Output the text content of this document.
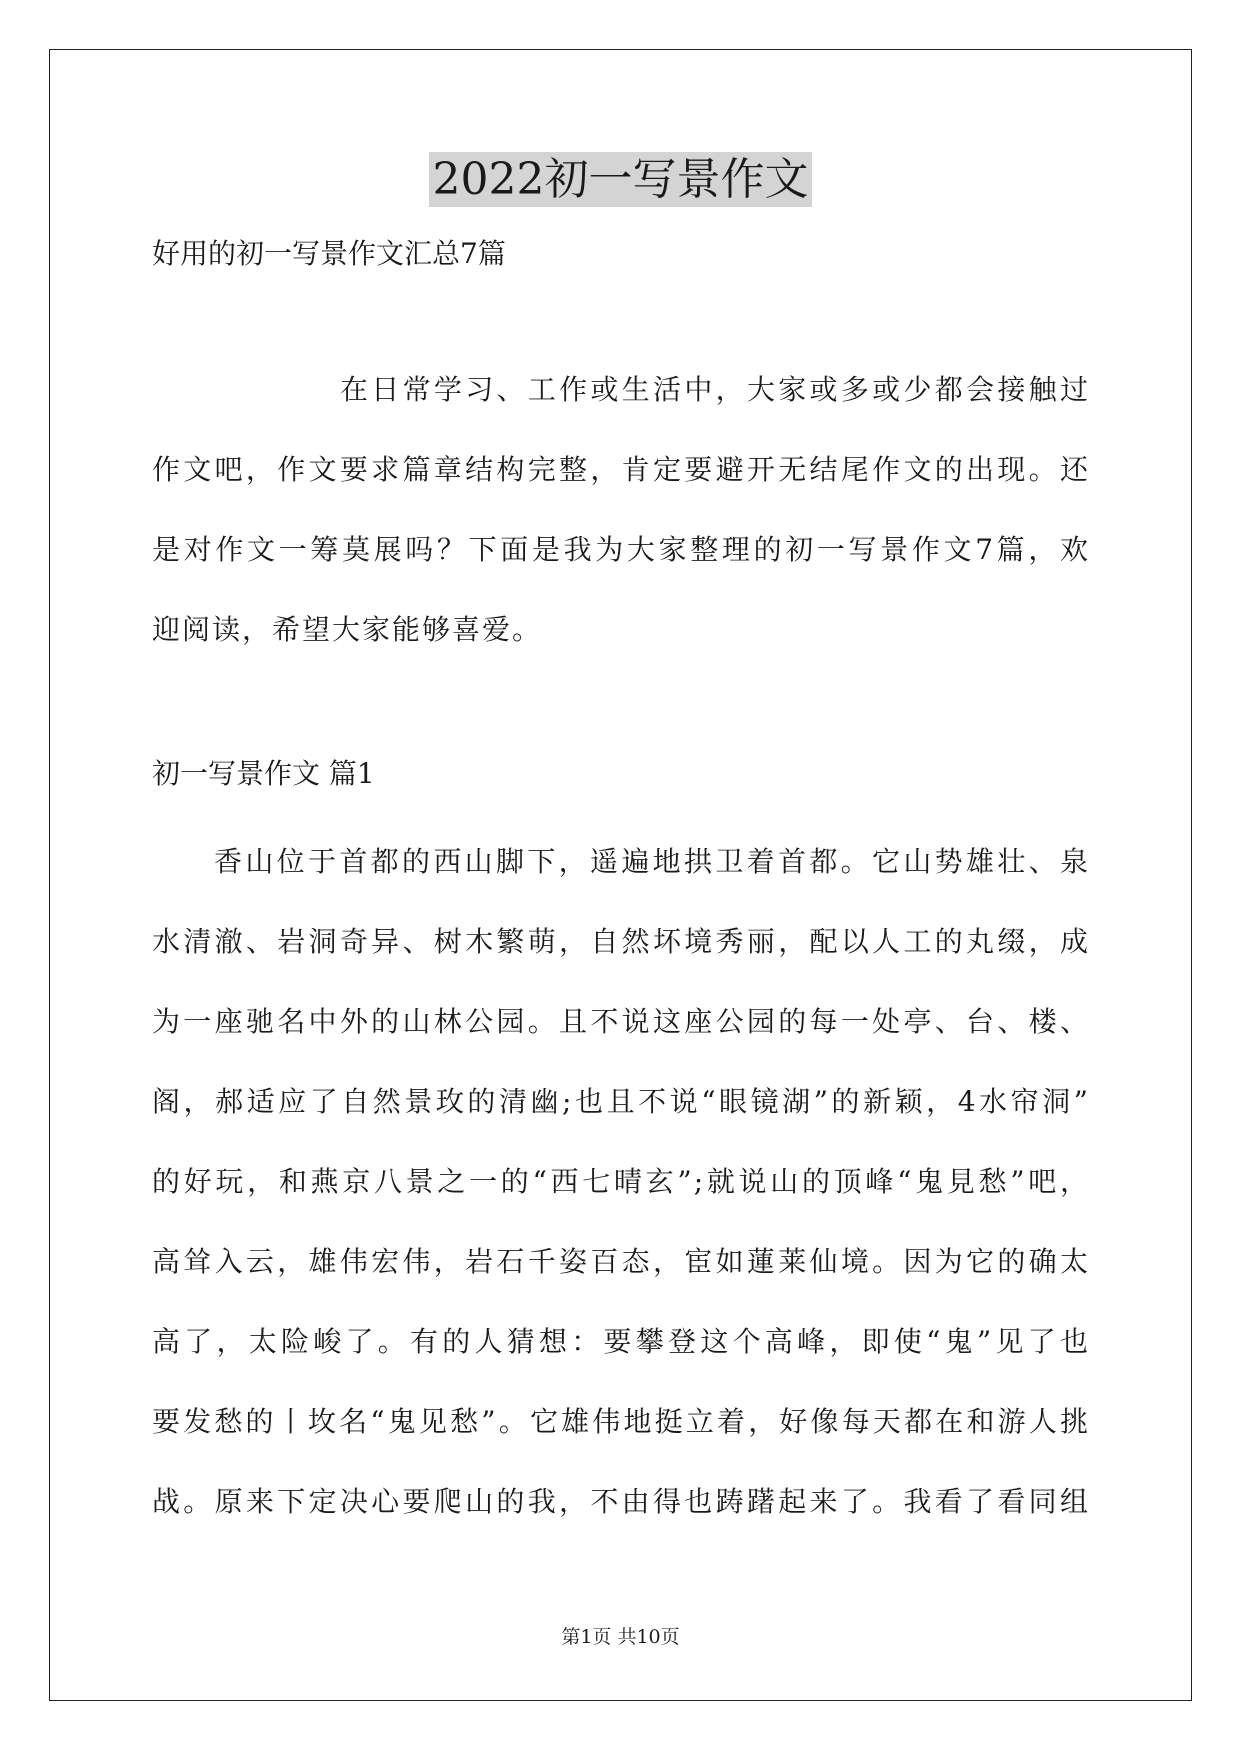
2022初一写景作文
好用的初一写景作文汇总7篇
在日常学习、工作或生活中，大家或多或少都会接触过
作文吧，作文要求篇章结构完整，肯定要避开无结尾作文的出现。还
是对作文一筹莫展吗？下面是我为大家整理的初一写景作文7篇，欢
迎阅读，希望大家能够喜爱。
初一写景作文 篇1
香山位于首都的西山脚下，遥遍地拱卫着首都。它山势雄壮、泉
水清澈、岩洞奇异、树木繁萌，自然坏境秀丽，配以人工的丸缀，成
为一座驰名中外的山林公园。且不说这座公园的每一处亭、台、楼、
阁，郝适应了自然景玫的清幽;也且不说“眼镜湖”的新颖，4水帘洞”
的好玩，和燕京八景之一的“西七晴玄”;就说山的顶峰“鬼見愁”吧，
高耸入云，雄伟宏伟，岩石千姿百态，宦如蓮莱仙境。因为它的确太
高了，太险峻了。有的人猜想：要攀登这个高峰，即使“鬼”见了也
要发愁的丨坆名“鬼见愁”。它雄伟地挺立着，好像每天都在和游人挑
战。原来下定决心要爬山的我，不由得也踌躇起来了。我看了看同组
第1页 共10页
